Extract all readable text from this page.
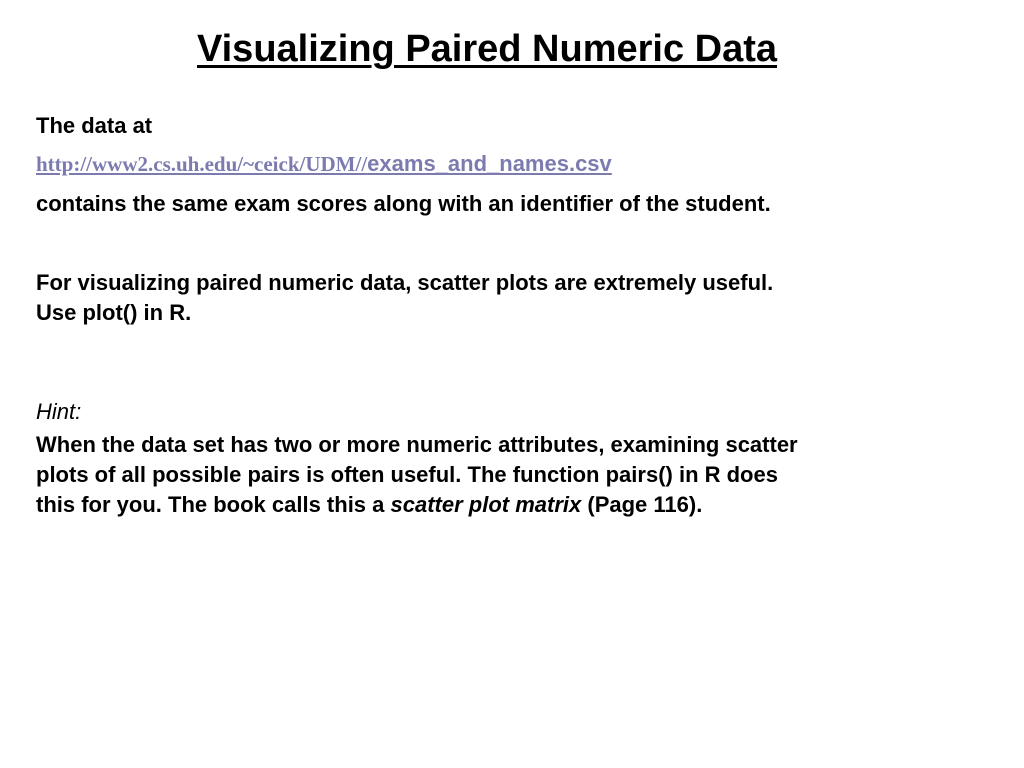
Visualizing Paired Numeric Data

The data at

http://www2.cs.uh.edu/~ceick/UDM//exams_and_names.csv

contains the same exam scores along with an identifier of the student.

For visualizing paired numeric data, scatter plots are extremely useful.
Use plot() in R.

Hint:

When the data set has two or more numeric attributes, examining scatter
plots of all possible pairs is often useful. The function pairs() in R does
this for you. The book calls this a scatter plot matrix (Page 116).
